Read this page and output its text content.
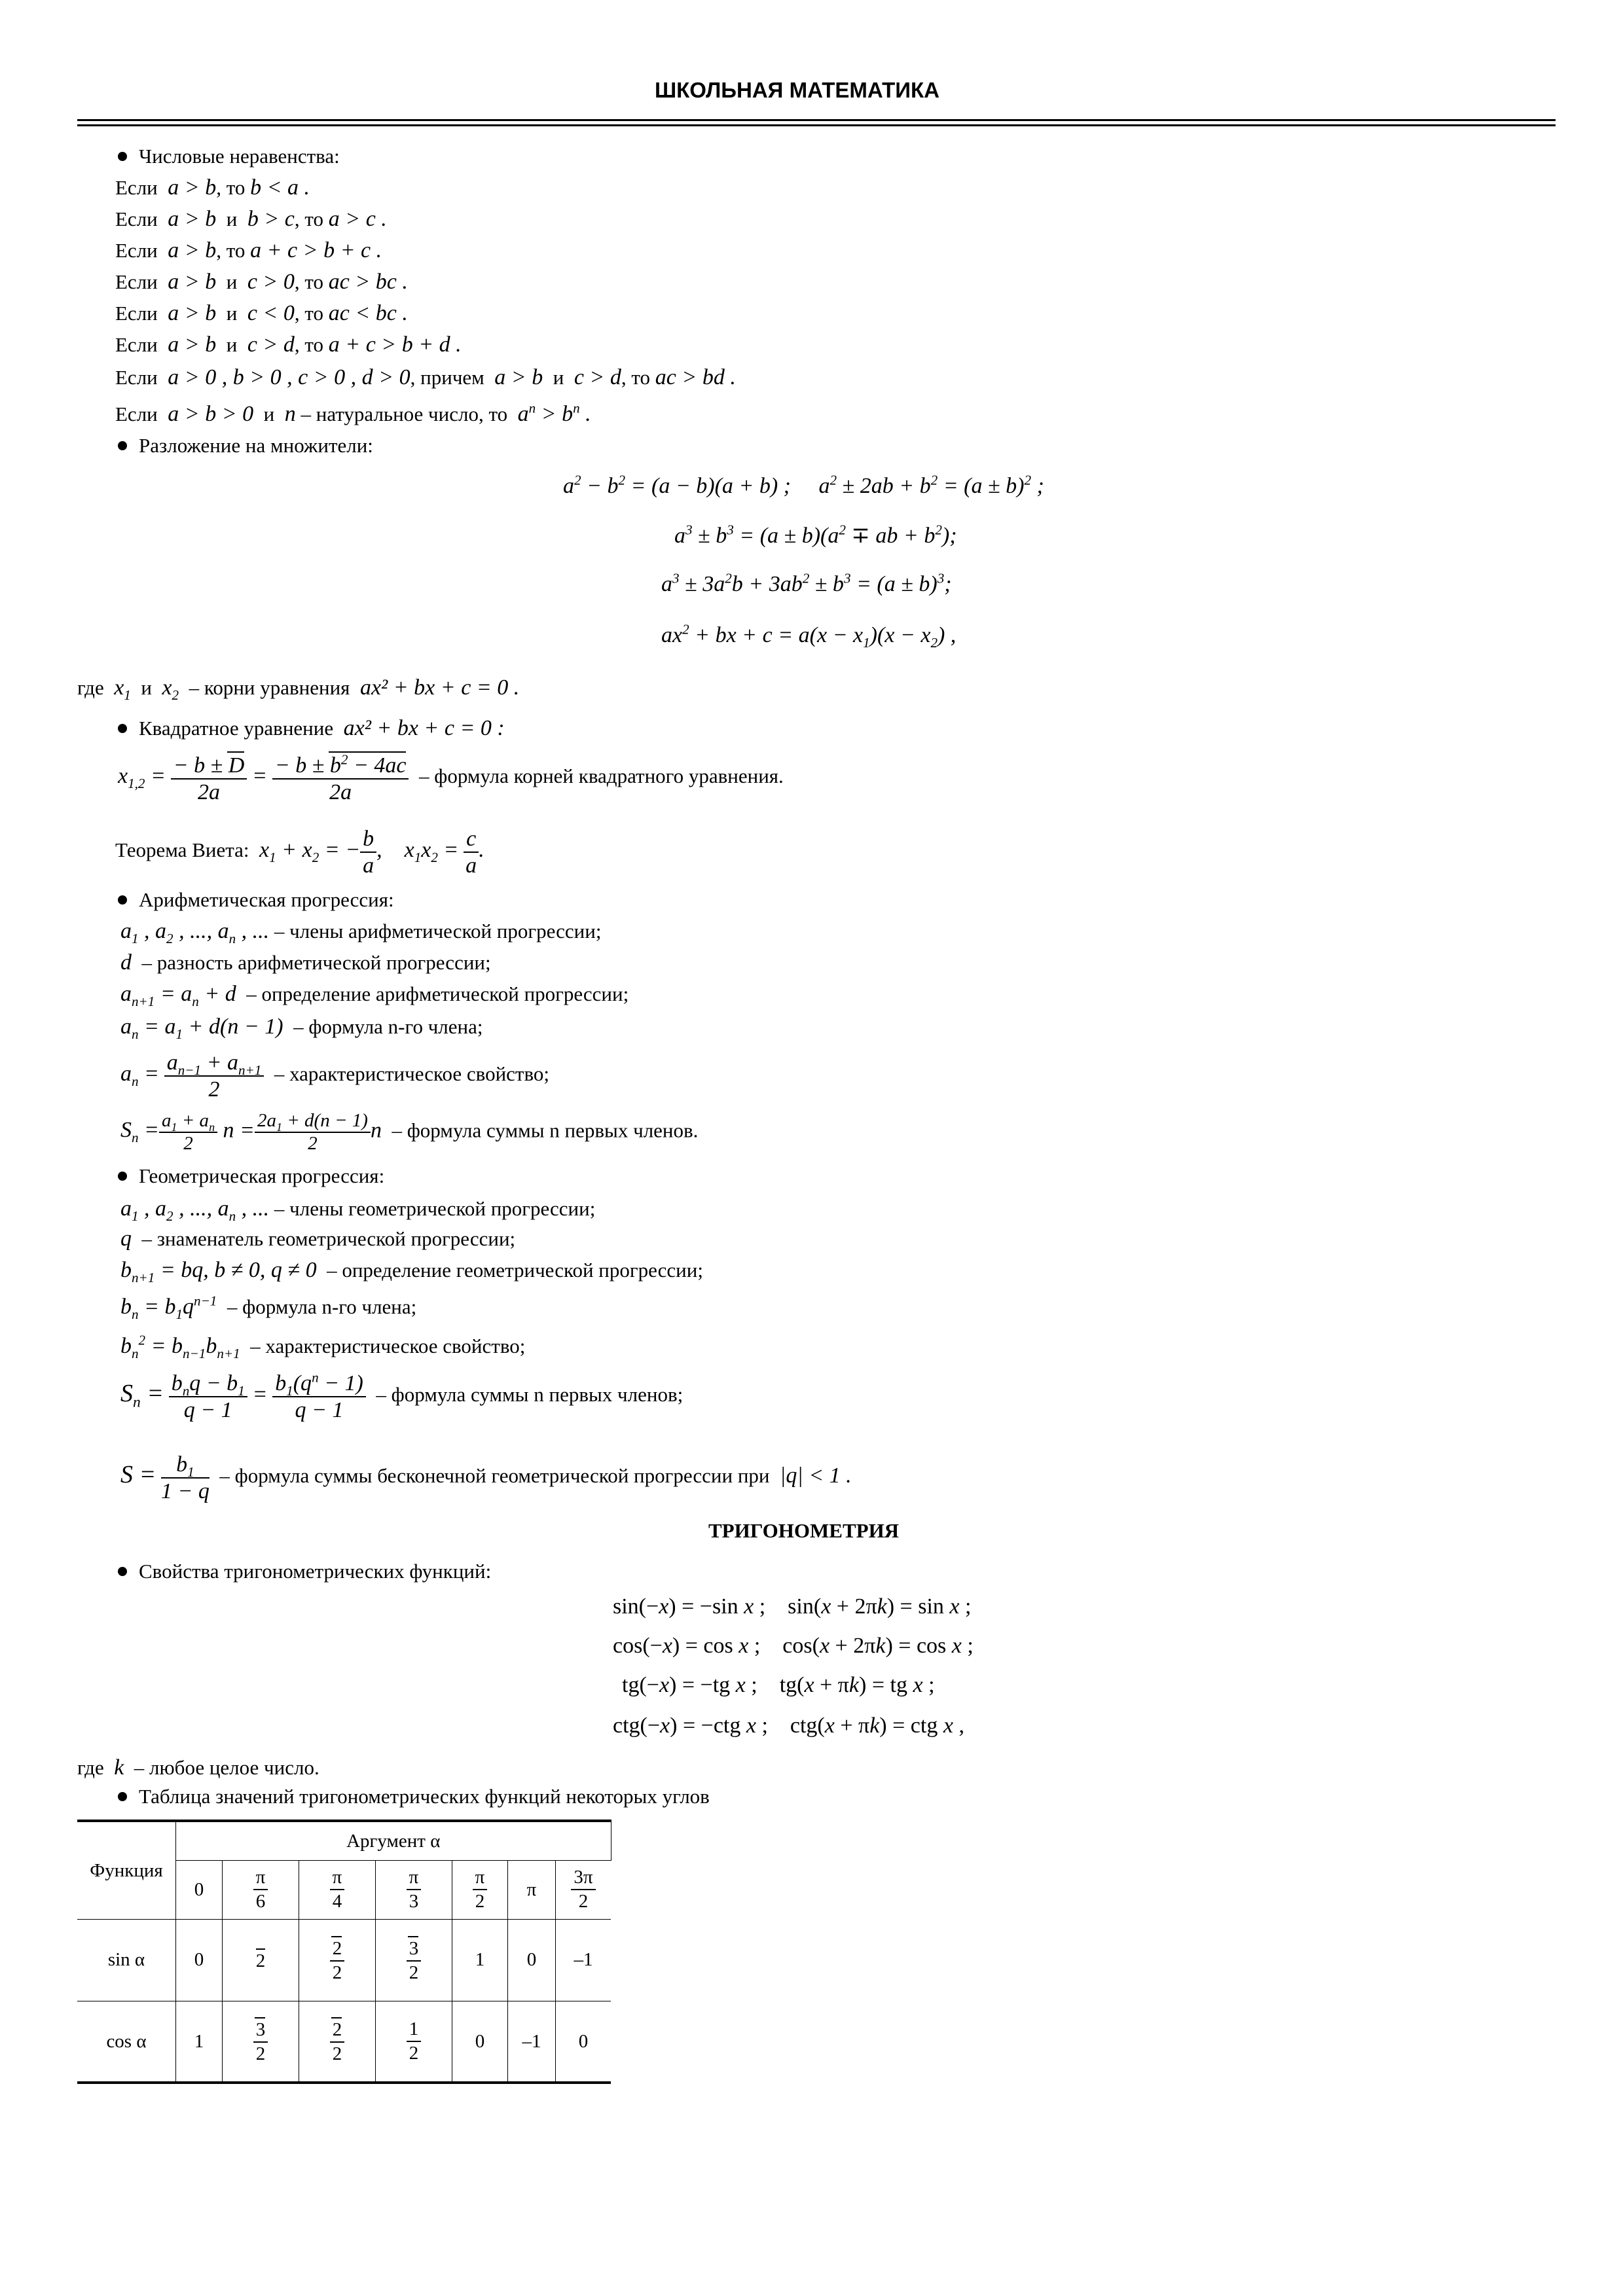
ШКОЛЬНАЯ МАТЕМАТИКА
Числовые неравенства:
Если a > b, то b < a .
Если a > b и b > c, то a > c .
Если a > b, то a + c > b + c .
Если a > b и c > 0, то ac > bc .
Если a > b и c < 0, то ac < bc .
Если a > b и c > d, то a + c > b + d .
Если a > 0 , b > 0 , c > 0 , d > 0, причем a > b и c > d, то ac > bd .
Если a > b > 0 и n – натуральное число, то $a^n > b^n$ .
Разложение на множители:
$a^2 - b^2 = (a - b)(a + b)$ ;     $a^2 \pm 2ab + b^2 = (a \pm b)^2$ ;
$a^3 \pm b^3 = (a \pm b)(a^2$ ∓ ab + $b^2$);
$a^3 \pm 3a^2b + 3ab^2 \pm b^3 = (a \pm b)^3$;
$ax^2$ + bx + $c = a(x - x_1)(x - x_2)$ ,
где $x_1$ и $x_2$ – корни уравнения ax² + bx + c = 0 .
Квадратное уравнение ax² + bx + c = 0 :
$x_{1,2} = \frac{- b \pm D}{2a} = \frac{- b \pm b^2 - 4ac}{2a}$ – формула корней квадратного уравнения.
Теорема Виета: $x_1 + x_2$ = − $\frac{b}{a}$ ,    $x_1x_2 = \frac{c}{a}$ .
Арифметическая прогрессия:
$a_1$ , $a_2$ , ..., $a_n$ , ... – члены арифметической прогрессии;
d – разность арифметической прогрессии;
$a_{n+1} = a_n + d$ – определение арифметической прогрессии;
$a_n = a_1 + d(n - 1)$ – формула n-го члена;
$a_n = \frac{a_{n-1} + a_{n+1}}{2}$ – характеристическое свойство;
$S_n = \frac{a_1 + a_n}{2}$ $n = \frac{2a_1 + d(n - 1)}{2}$ n – формула суммы n первых членов.
Геометрическая прогрессия:
$a_1$ , $a_2$ , ..., $a_n$ , ... – члены геометрической прогрессии;
q – знаменатель геометрической прогрессии;
$b_{n+1}$ = bq, b ≠ 0, q ≠ 0 – определение геометрической прогрессии;
$b_n = b_1q^{n-1}$ – формула n-го члена;
$b_n^2 = b_{n-1}b_{n+1}$ – характеристическое свойство;
$S_n = b_nq - b_1$
q − 1
= $\frac{b_1(q^n - 1)}{q - 1}$ – формула суммы n первых членов;
$S = \frac{b_1}{1 - q}$ – формула суммы бесконечной геометрической прогрессии при |q| < 1 .
ТРИГОНОМЕТРИЯ
Свойства тригонометрических функций:
sin(−x) = −sin x ;    sin(x + 2πk) = sin x ;
cos(−x) = cos x ;    cos(x + 2πk) = cos x ;
tg(−x) = −tg x ;    tg(x + πk) = tg x ;
ctg(−x) = −ctg x ;    ctg(x + πk) = ctg x ,
где k – любое целое число.
Таблица значений тригонометрических функций некоторых углов
Функция	Аргумент α						
	0	$\frac{\pi}{6}$	$\frac{\pi}{4}$	$\frac{\pi}{3}$	$\frac{\pi}{2}$	π	$\frac{3\pi}{2}$

sin α	0	2	$\frac{2}{2}$	$\frac{3}{2}$	1	0	–1
cos α	1	$\frac{3}{2}$	$\frac{2}{2}$	$\frac{1}{2}$	0	–1	0
